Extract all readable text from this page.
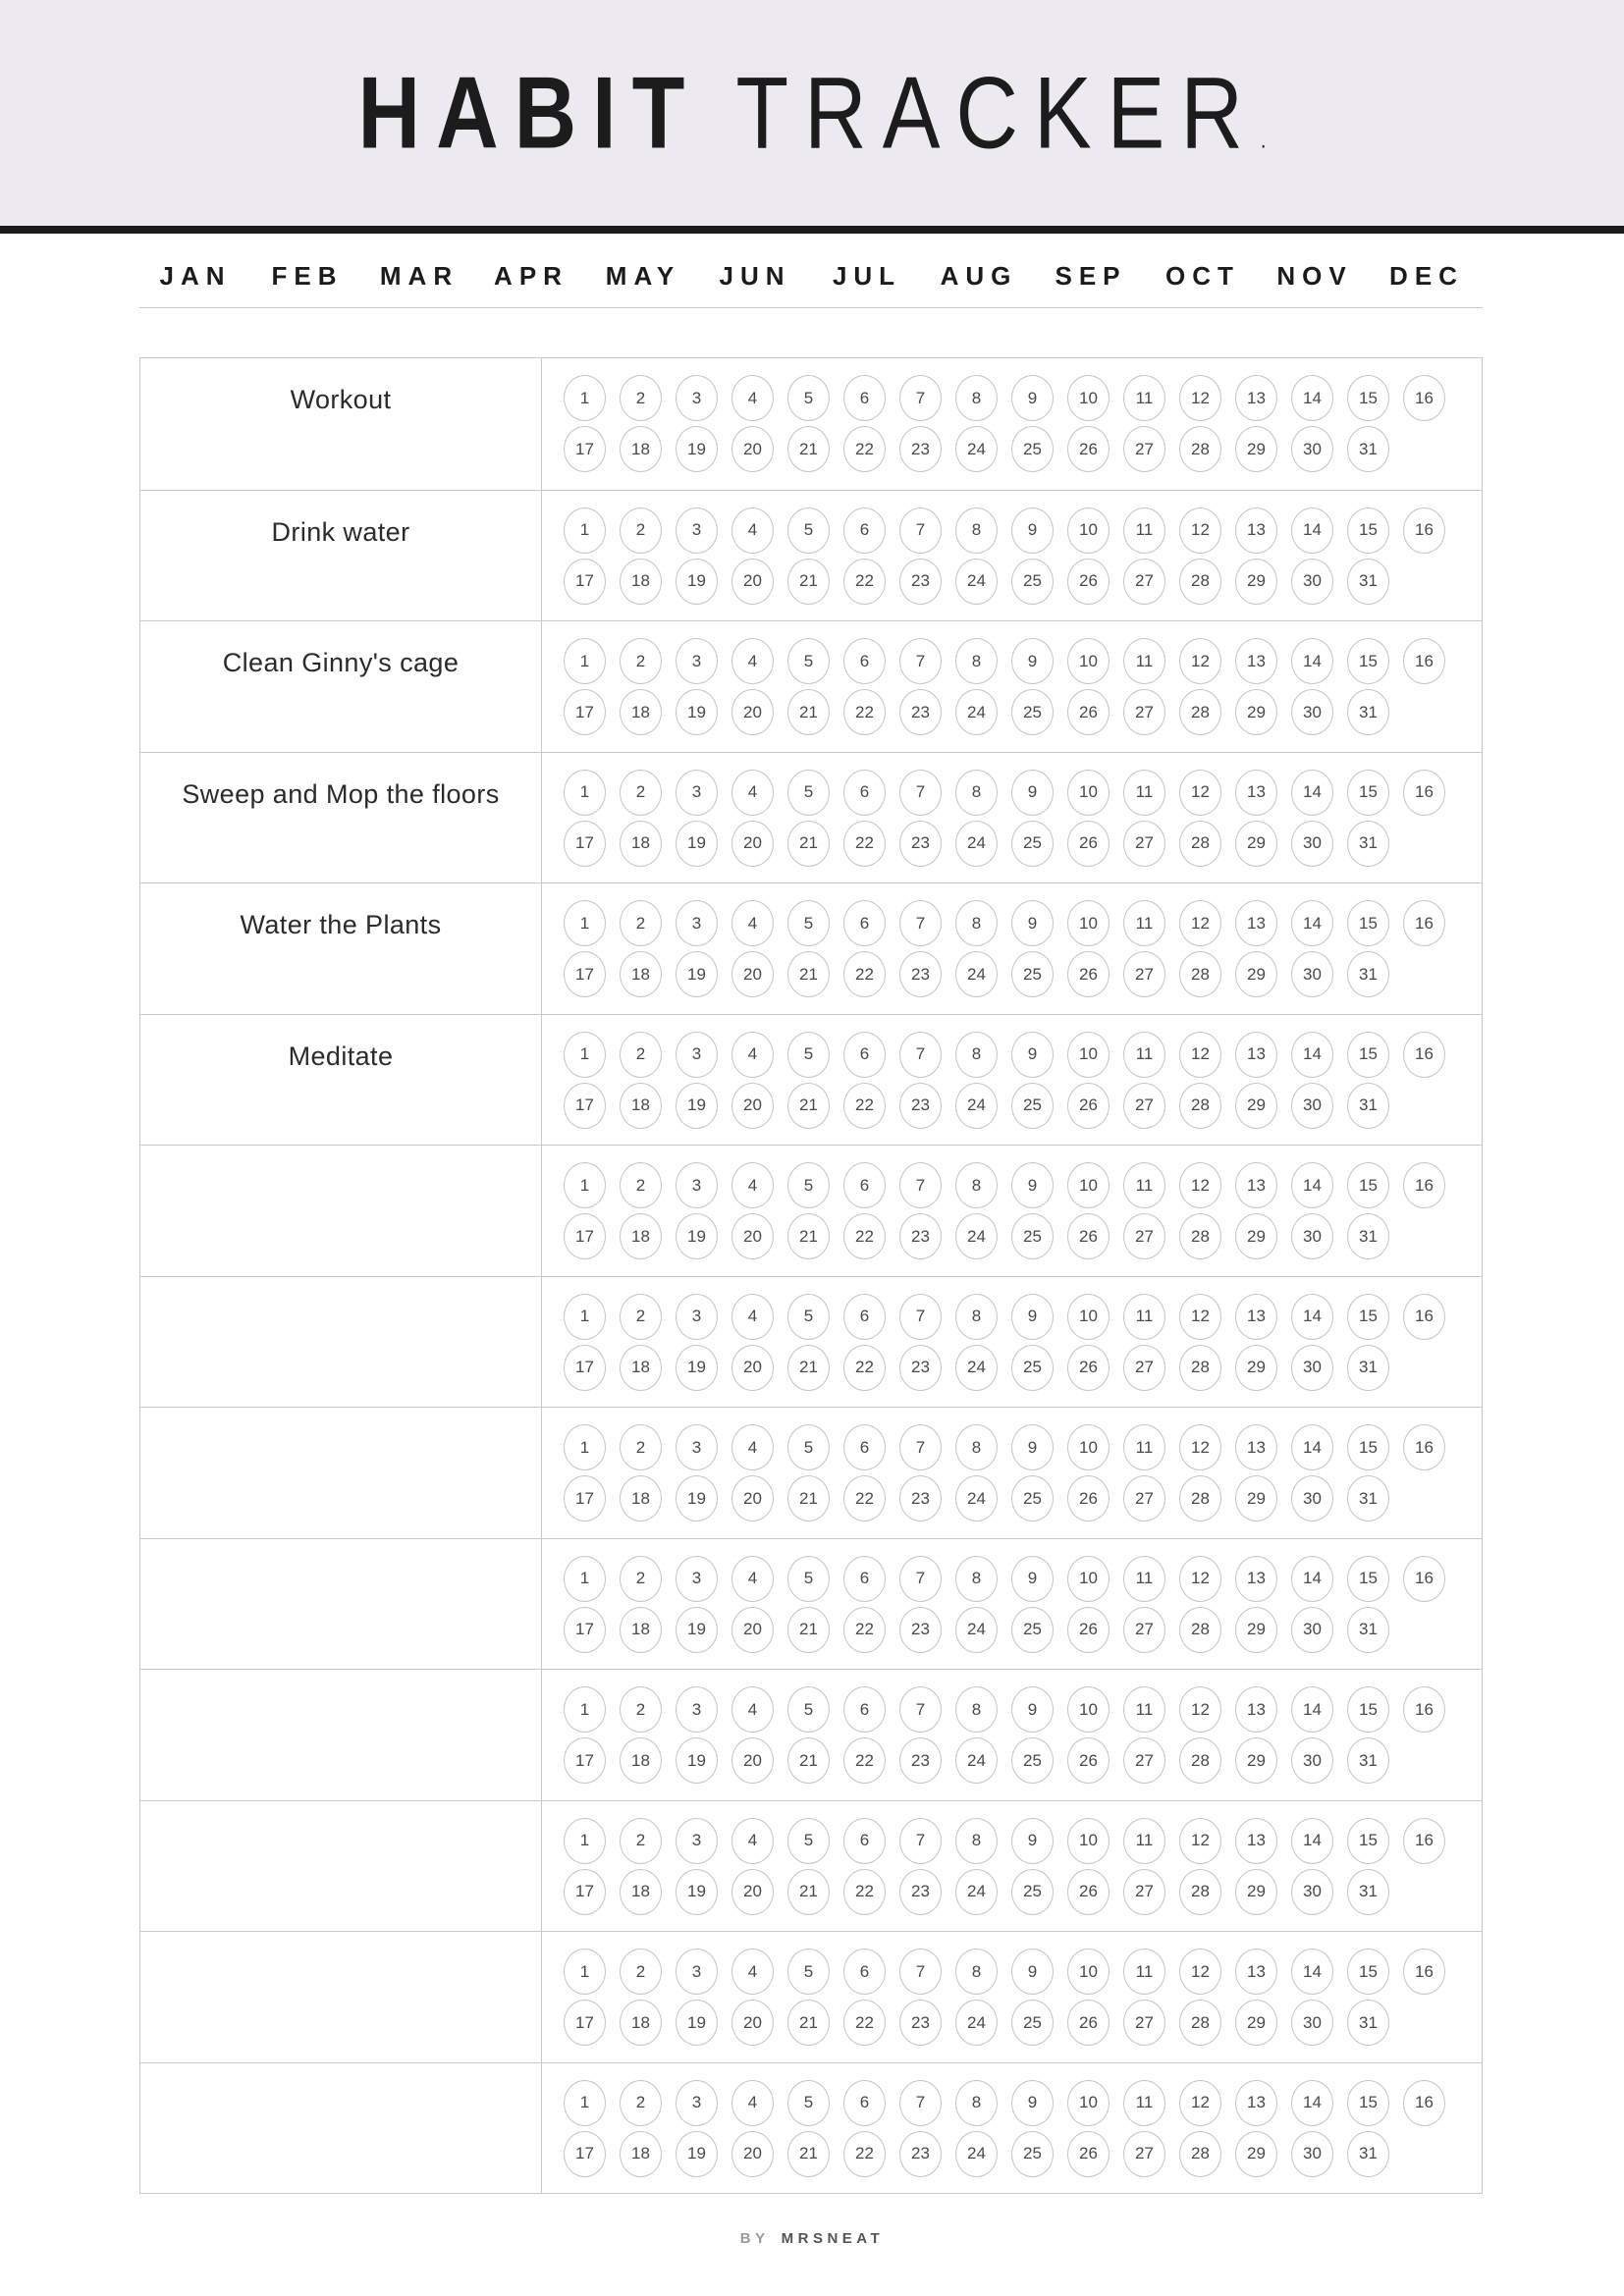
HABIT TRACKER .
JAN	FEB	MAR	APR	MAY	JUN	JUL	AUG	SEP	OCT	NOV	DEC
Workout	1	2	3	4	5	6	7	8	9	10	11	12	13	14	15	16
17	18	19	20	21	22	23	24	25	26	27	28	29	30	31
Drink water	1	2	3	4	5	6	7	8	9	10	11	12	13	14	15	16
17	18	19	20	21	22	23	24	25	26	27	28	29	30	31
Clean Ginny's cage	1	2	3	4	5	6	7	8	9	10	11	12	13	14	15	16
17	18	19	20	21	22	23	24	25	26	27	28	29	30	31
Sweep and Mop the floors	1	2	3	4	5	6	7	8	9	10	11	12	13	14	15	16
17	18	19	20	21	22	23	24	25	26	27	28	29	30	31
Water the Plants	1	2	3	4	5	6	7	8	9	10	11	12	13	14	15	16
17	18	19	20	21	22	23	24	25	26	27	28	29	30	31
Meditate	1	2	3	4	5	6	7	8	9	10	11	12	13	14	15	16
17	18	19	20	21	22	23	24	25	26	27	28	29	30	31
1	2	3	4	5	6	7	8	9	10	11	12	13	14	15	16
17	18	19	20	21	22	23	24	25	26	27	28	29	30	31
1	2	3	4	5	6	7	8	9	10	11	12	13	14	15	16
17	18	19	20	21	22	23	24	25	26	27	28	29	30	31
1	2	3	4	5	6	7	8	9	10	11	12	13	14	15	16
17	18	19	20	21	22	23	24	25	26	27	28	29	30	31
1	2	3	4	5	6	7	8	9	10	11	12	13	14	15	16
17	18	19	20	21	22	23	24	25	26	27	28	29	30	31
1	2	3	4	5	6	7	8	9	10	11	12	13	14	15	16
17	18	19	20	21	22	23	24	25	26	27	28	29	30	31
1	2	3	4	5	6	7	8	9	10	11	12	13	14	15	16
17	18	19	20	21	22	23	24	25	26	27	28	29	30	31
1	2	3	4	5	6	7	8	9	10	11	12	13	14	15	16
17	18	19	20	21	22	23	24	25	26	27	28	29	30	31
1	2	3	4	5	6	7	8	9	10	11	12	13	14	15	16
17	18	19	20	21	22	23	24	25	26	27	28	29	30	31
BY MRSNEAT
